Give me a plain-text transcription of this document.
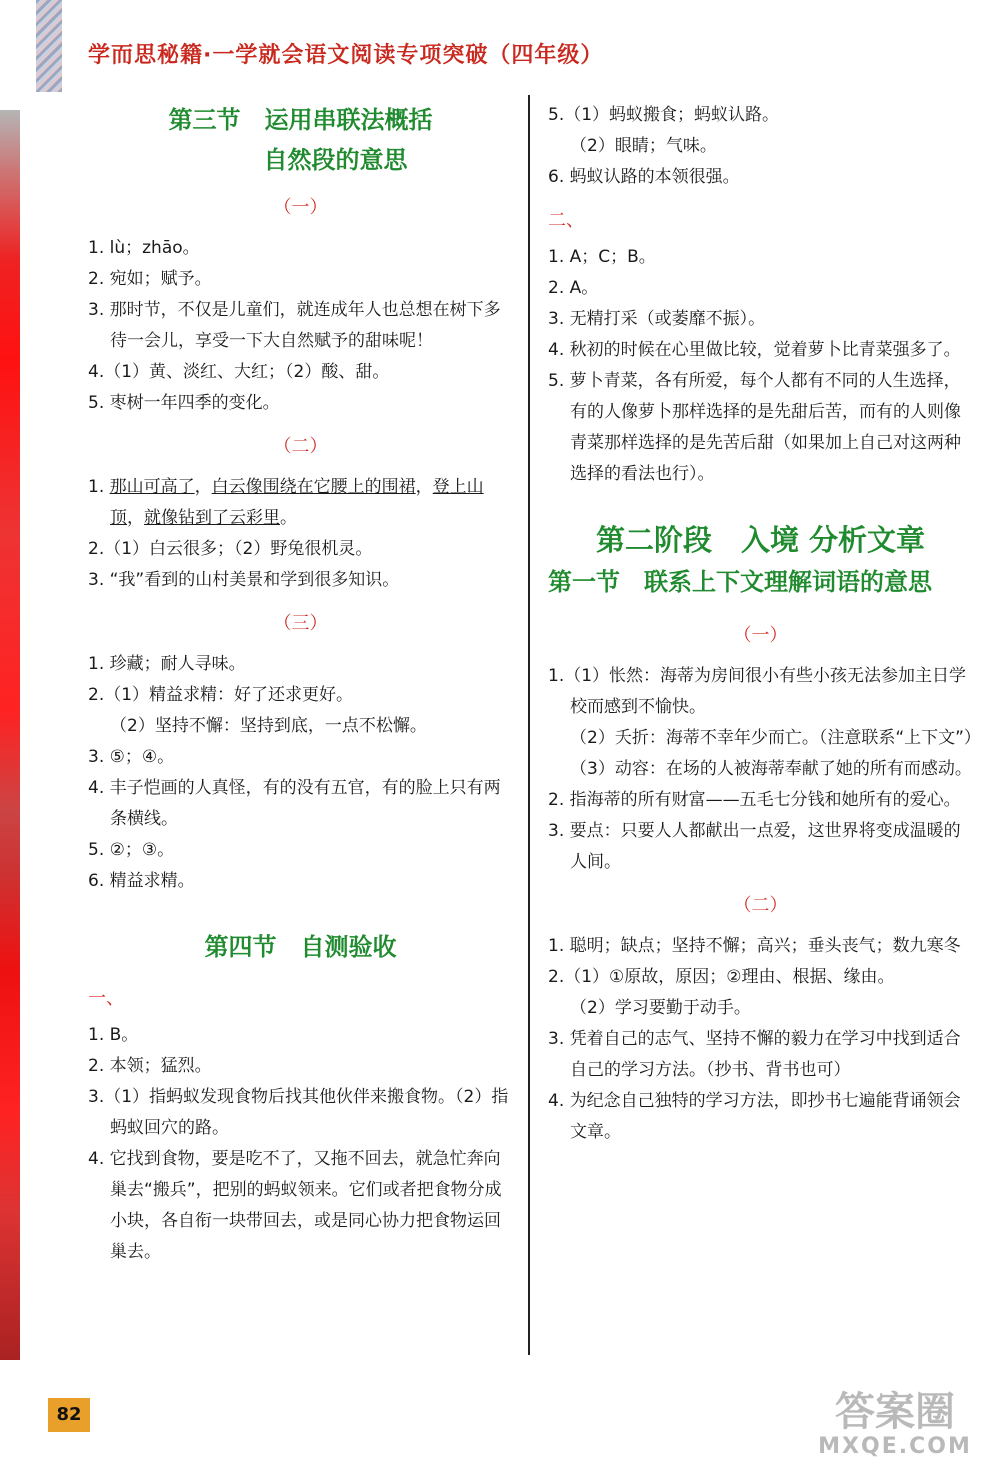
学而思秘籍·一学就会语文阅读专项突破（四年级）
第三节　运用串联法概括
自然段的意思
（一）
1. lù；zhāo。
2. 宛如；赋予。
3. 那时节，不仅是儿童们，就连成年人也总想在树下多待一会儿，享受一下大自然赋予的甜味呢！
4.（1）黄、淡红、大红；（2）酸、甜。
5. 枣树一年四季的变化。
（二）
1. 那山可高了，白云像围绕在它腰上的围裙，登上山顶，就像钻到了云彩里。
2.（1）白云很多；（2）野兔很机灵。
3. “我”看到的山村美景和学到很多知识。
（三）
1. 珍藏；耐人寻味。
2.（1）精益求精：好了还求更好。
（2）坚持不懈：坚持到底，一点不松懈。
3. ⑤；④。
4. 丰子恺画的人真怪，有的没有五官，有的脸上只有两条横线。
5. ②；③。
6. 精益求精。
第四节　自测验收
一、
1. B。
2. 本领；猛烈。
3.（1）指蚂蚁发现食物后找其他伙伴来搬食物。（2）指蚂蚁回穴的路。
4. 它找到食物，要是吃不了，又拖不回去，就急忙奔向巢去“搬兵”，把别的蚂蚁领来。它们或者把食物分成小块，各自衔一块带回去，或是同心协力把食物运回巢去。
5.（1）蚂蚁搬食；蚂蚁认路。
（2）眼睛；气味。
6. 蚂蚁认路的本领很强。
二、
1. A；C；B。
2. A。
3. 无精打采（或萎靡不振）。
4. 秋初的时候在心里做比较，觉着萝卜比青菜强多了。
5. 萝卜青菜，各有所爱，每个人都有不同的人生选择，有的人像萝卜那样选择的是先甜后苦，而有的人则像青菜那样选择的是先苦后甜（如果加上自己对这两种选择的看法也行）。
第二阶段　入境 分析文章
第一节　联系上下文理解词语的意思
（一）
1.（1）怅然：海蒂为房间很小有些小孩无法参加主日学校而感到不愉快。
（2）夭折：海蒂不幸年少而亡。（注意联系“上下文”）
（3）动容：在场的人被海蒂奉献了她的所有而感动。
2. 指海蒂的所有财富——五毛七分钱和她所有的爱心。
3. 要点：只要人人都献出一点爱，这世界将变成温暖的人间。
（二）
1. 聪明；缺点；坚持不懈；高兴；垂头丧气；数九寒冬
2.（1）①原故，原因；②理由、根据、缘由。
（2）学习要勤于动手。
3. 凭着自己的志气、坚持不懈的毅力在学习中找到适合自己的学习方法。（抄书、背书也可）
4. 为纪念自己独特的学习方法，即抄书七遍能背诵领会文章。
82	答案圈
MXQE.COM
